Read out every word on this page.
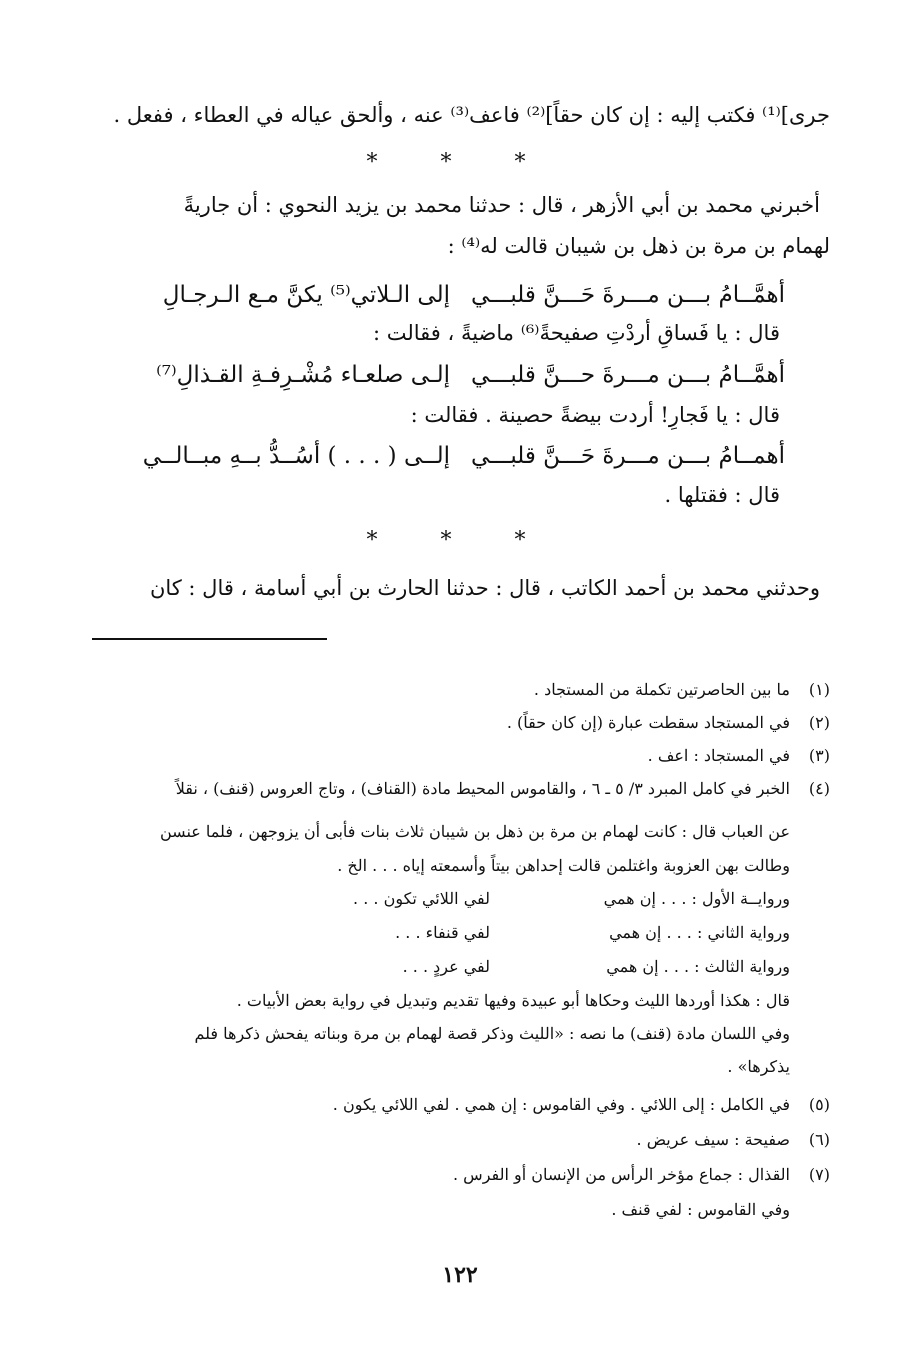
جرى]⁽¹⁾ فكتب إليه : إن كان حقاً]⁽²⁾ فاعف⁽³⁾ عنه ، وألحق عياله في العطاء ، ففعل .
* * *
أخبرني محمد بن أبي الأزهر ، قال : حدثنا محمد بن يزيد النحوي : أن جاريةً
لهمام بن مرة بن ذهل بن شيبان قالت له⁽⁴⁾ :
أهمَّــامُ بـــن مـــرةَ حَـــنَّ قلبـــي
إلى الـلاتي⁽⁵⁾ يكنَّ مـع الـرجـالِ
قال : يا فَساقِ أردْتِ صفيحةً⁽⁶⁾ ماضيةً ، فقالت :
أهمَّــامُ بـــن مـــرةَ حـــنَّ قلبـــي
إلـى صلعـاء مُشْـرِفـةِ القـذالِ⁽⁷⁾
قال : يا فَجارِ! أردت بيضةً حصينة . فقالت :
أهمــامُ بـــن مـــرةَ حَـــنَّ قلبـــي
إلــى ( . . . ) أسُــدُّ بــهِ مبــالــي
قال : فقتلها .
* * *
وحدثني محمد بن أحمد الكاتب ، قال : حدثنا الحارث بن أبي أسامة ، قال : كان
(١)
ما بين الحاصرتين تكملة من المستجاد .
(٢)
في المستجاد سقطت عبارة (إن كان حقاً) .
(٣)
في المستجاد : اعف .
(٤)
الخبر في كامل المبرد ٣/ ٥ ـ ٦ ، والقاموس المحيط مادة (القناف) ، وتاج العروس (قنف) ، نقلاً
عن العباب قال : كانت لهمام بن مرة بن ذهل بن شيبان ثلاث بنات فأبى أن يزوجهن ، فلما عنسن
وطالت بهن العزوبة واغتلمن قالت إحداهن بيتاً وأسمعته إياه . . . الخ .
وروايــة الأول : . . . إن همي
لفي اللائي تكون . . .
ورواية الثاني : . . . إن همي
لفي قنفاء . . .
ورواية الثالث : . . . إن همي
لفي عردٍ . . .
قال : هكذا أوردها الليث وحكاها أبو عبيدة وفيها تقديم وتبديل في رواية بعض الأبيات .
وفي اللسان مادة (قنف) ما نصه : «الليث وذكر قصة لهمام بن مرة وبناته يفحش ذكرها فلم
يذكرها» .
(٥)
في الكامل : إلى اللائي . وفي القاموس : إن همي . لفي اللائي يكون .
(٦)
صفيحة : سيف عريض .
(٧)
القذال : جماع مؤخر الرأس من الإنسان أو الفرس .
وفي القاموس : لفي قنف .
١٢٢
